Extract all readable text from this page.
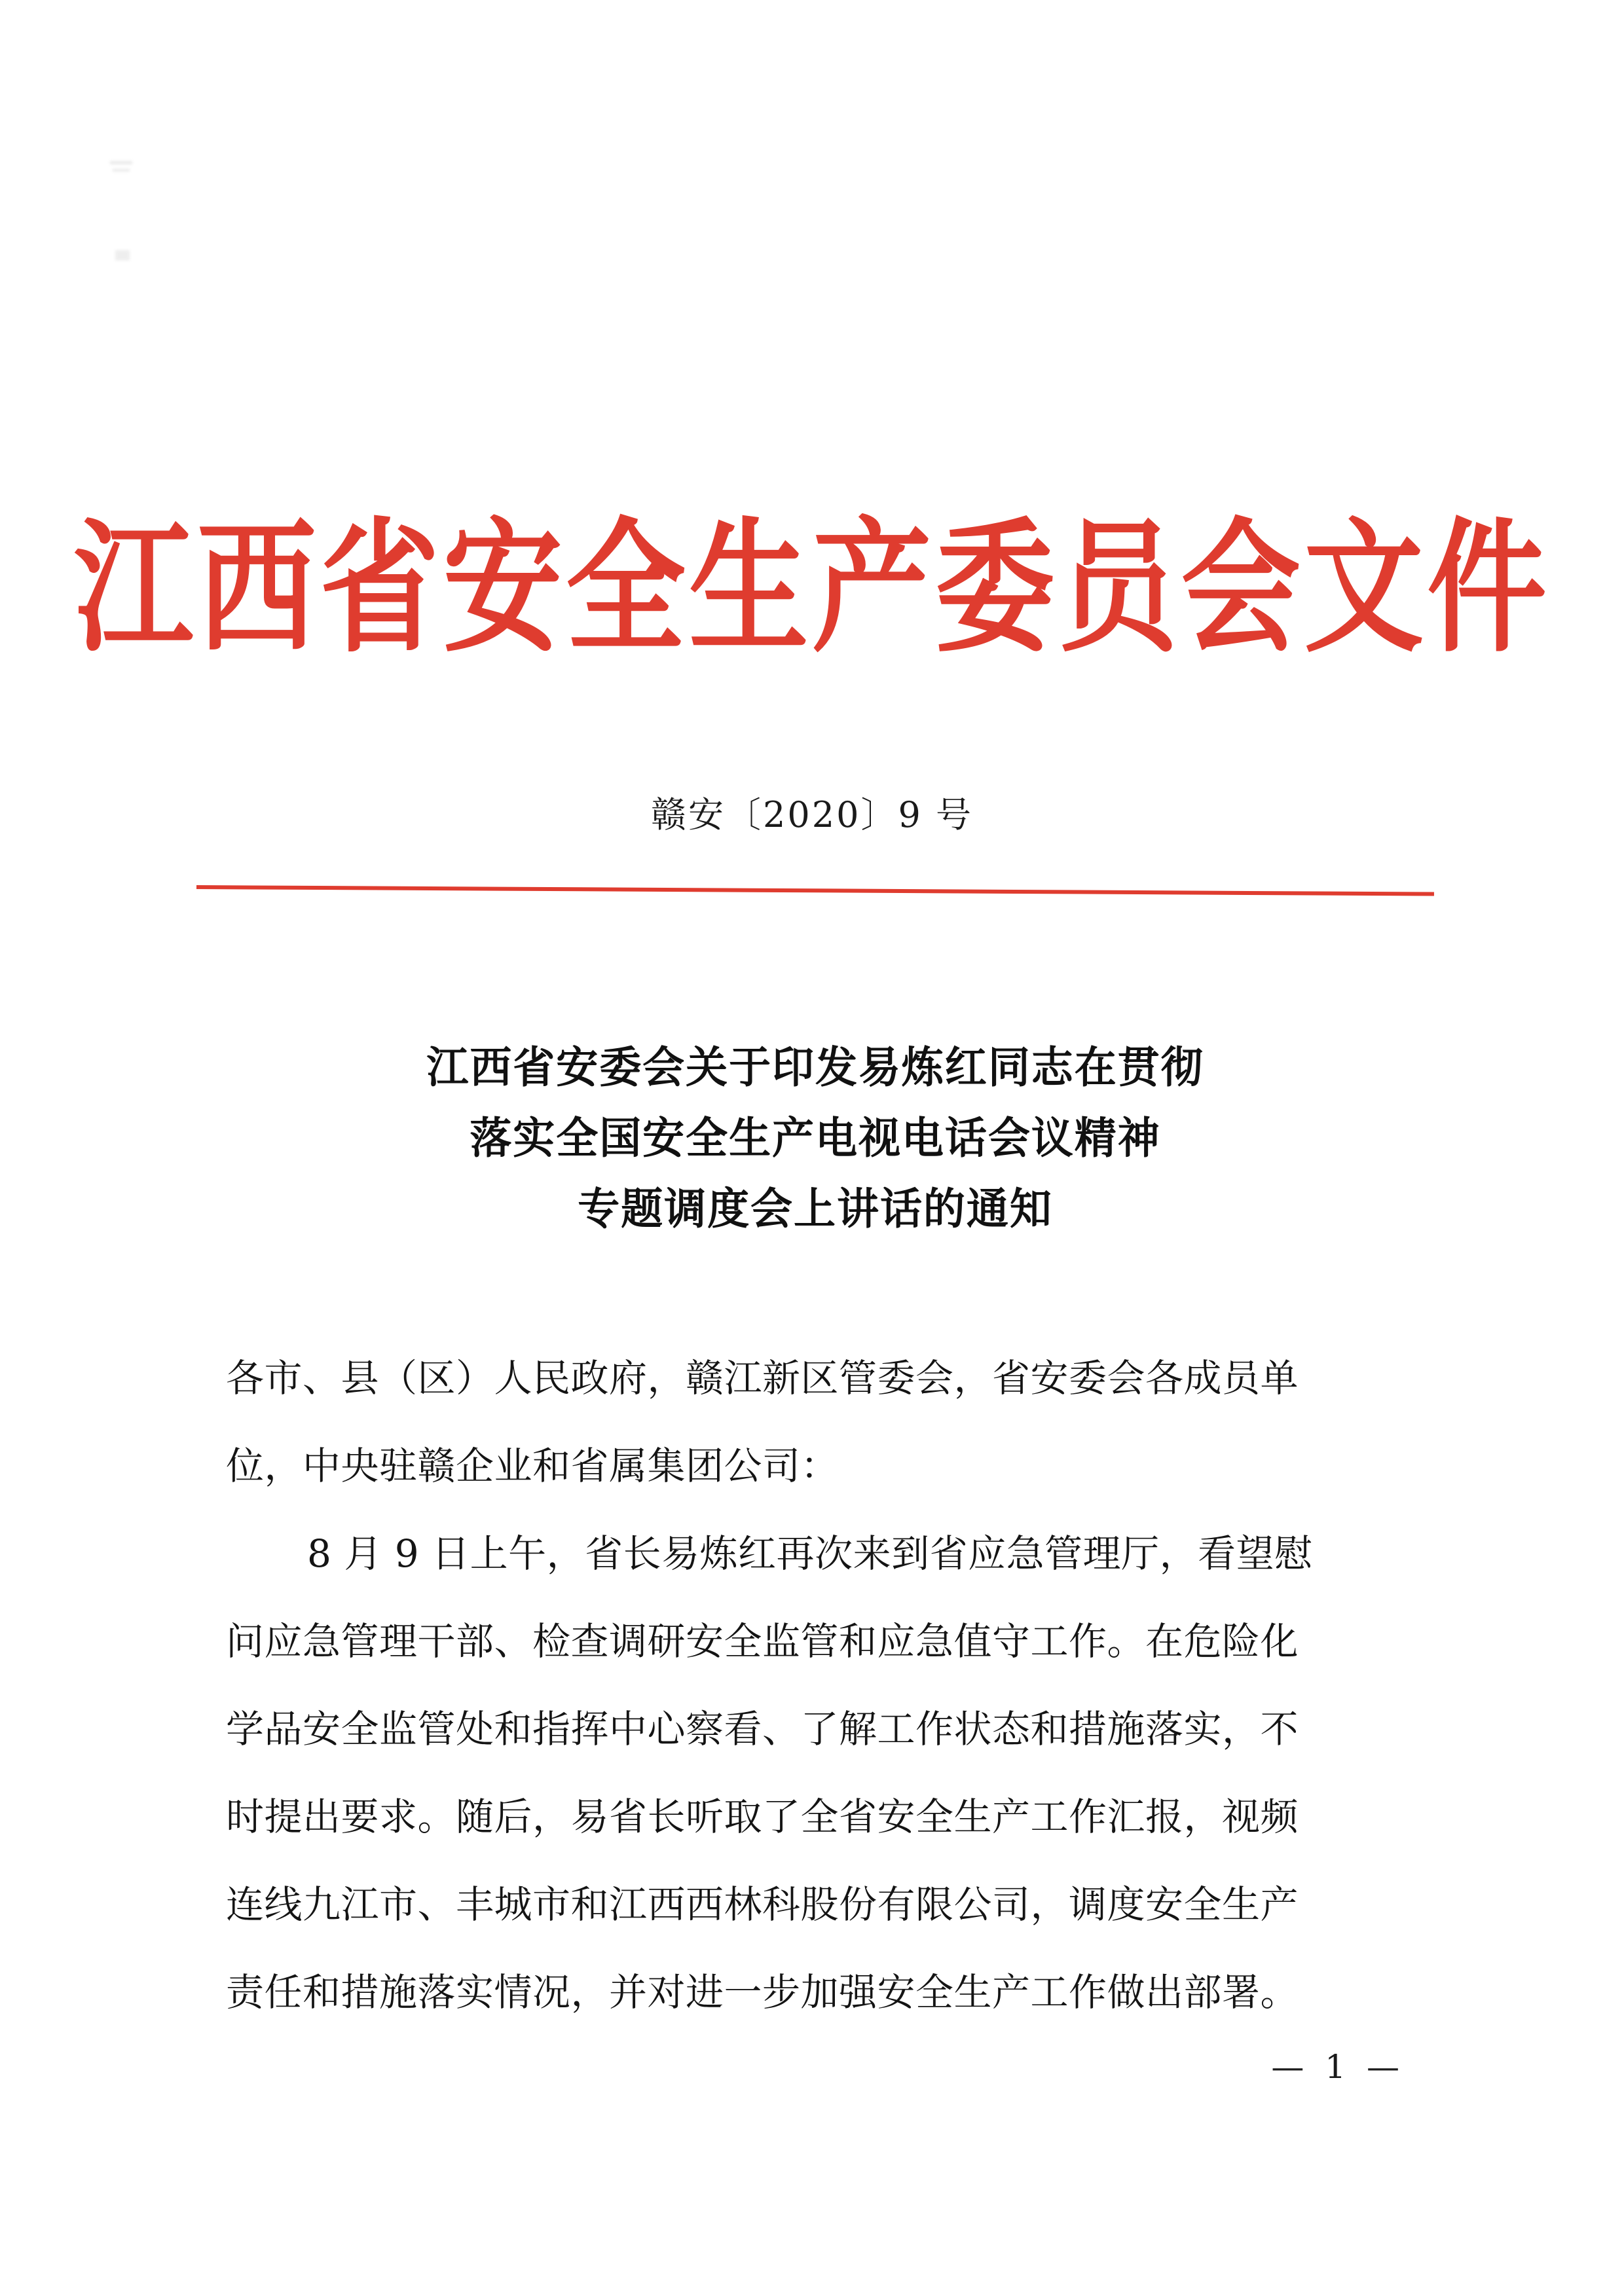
江西省安全生产委员会文件
赣安〔2020〕9 号
江西省安委会关于印发易炼红同志在贯彻
落实全国安全生产电视电话会议精神
专题调度会上讲话的通知
各市、县（区）人民政府，赣江新区管委会，省安委会各成员单
位，中央驻赣企业和省属集团公司：
8 月 9 日上午，省长易炼红再次来到省应急管理厅，看望慰
问应急管理干部、检查调研安全监管和应急值守工作。在危险化
学品安全监管处和指挥中心察看、了解工作状态和措施落实，不
时提出要求。随后，易省长听取了全省安全生产工作汇报，视频
连线九江市、丰城市和江西西林科股份有限公司，调度安全生产
责任和措施落实情况，并对进一步加强安全生产工作做出部署。
— 1 —
